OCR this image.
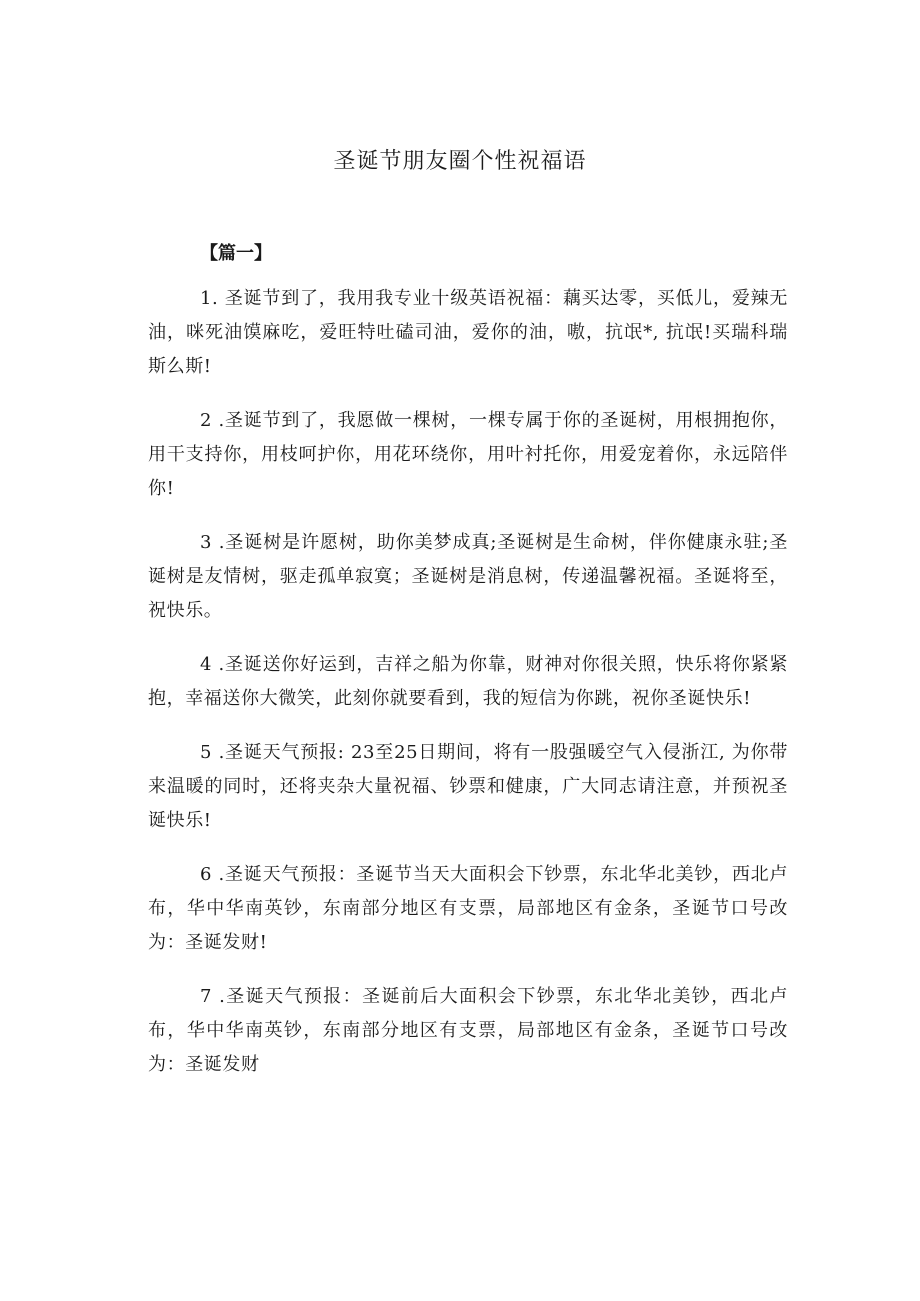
圣诞节朋友圈个性祝福语
【篇一】

1. 圣诞节到了，我用我专业十级英语祝福：藕买达零，买低儿，爱辣无油，咪死油馍麻吃，爱旺特吐磕司油，爱你的油，嗷，抗氓*, 抗氓!买瑞科瑞斯么斯!

2 .圣诞节到了，我愿做一棵树，一棵专属于你的圣诞树，用根拥抱你，用干支持你，用枝呵护你，用花环绕你，用叶衬托你，用爱宠着你，永远陪伴你!

3 .圣诞树是许愿树，助你美梦成真;圣诞树是生命树，伴你健康永驻;圣诞树是友情树，驱走孤单寂寞；圣诞树是消息树，传递温馨祝福。圣诞将至，祝快乐。

4 .圣诞送你好运到，吉祥之船为你靠，财神对你很关照，快乐将你紧紧抱，幸福送你大微笑，此刻你就要看到，我的短信为你跳，祝你圣诞快乐!

5 .圣诞天气预报: 23至25日期间，将有一股强暖空气入侵浙江, 为你带来温暖的同时，还将夹杂大量祝福、钞票和健康，广大同志请注意，并预祝圣诞快乐!

6 .圣诞天气预报：圣诞节当天大面积会下钞票，东北华北美钞，西北卢布，华中华南英钞，东南部分地区有支票，局部地区有金条，圣诞节口号改为：圣诞发财!

7 .圣诞天气预报：圣诞前后大面积会下钞票，东北华北美钞，西北卢布，华中华南英钞，东南部分地区有支票，局部地区有金条，圣诞节口号改为：圣诞发财
